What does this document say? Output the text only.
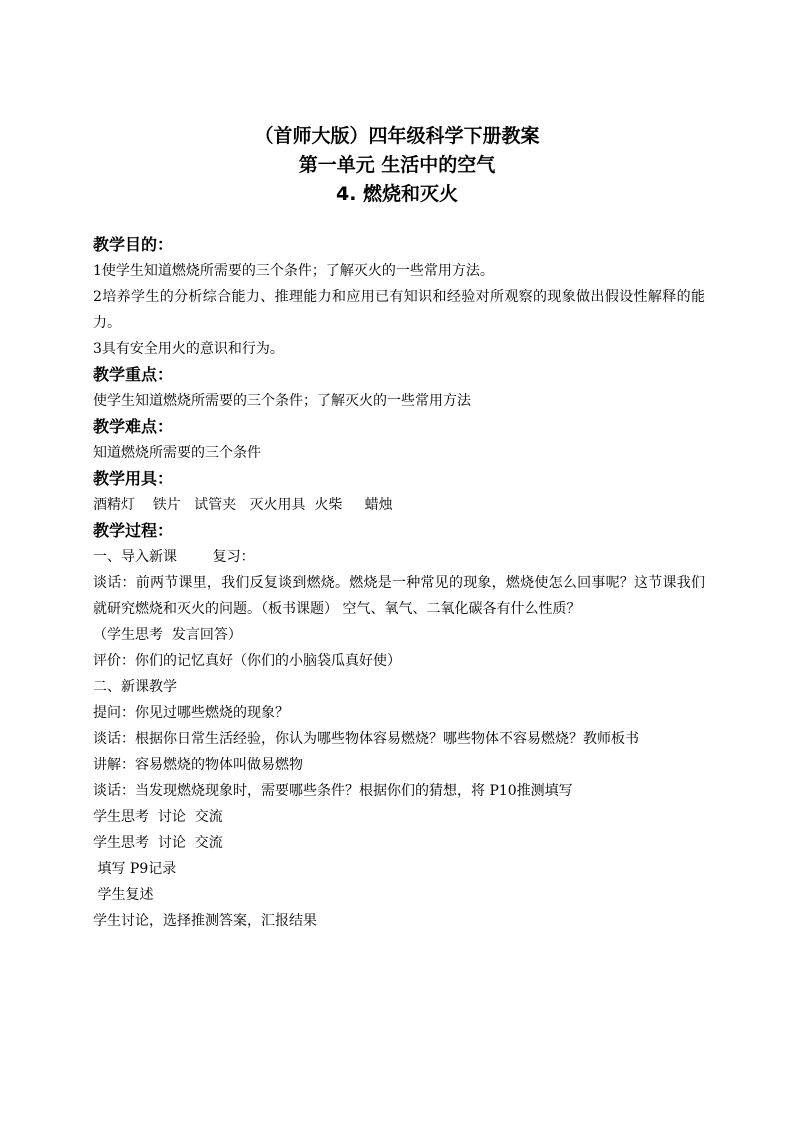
（首师大版）四年级科学下册教案
第一单元 生活中的空气
4. 燃烧和灭火
教学目的：
1使学生知道燃烧所需要的三个条件；了解灭火的一些常用方法。
2培养学生的分析综合能力、推理能力和应用已有知识和经验对所观察的现象做出假设性解释的能力。
3具有安全用火的意识和行为。
教学重点：
使学生知道燃烧所需要的三个条件；了解灭火的一些常用方法
教学难点：
知道燃烧所需要的三个条件
教学用具：
酒精灯    铁片   试管夹   灭火用具  火柴     蜡烛
教学过程：
一、导入新课        复习：
谈话：前两节课里，我们反复谈到燃烧。燃烧是一种常见的现象，燃烧使怎么回事呢？这节课我们就研究燃烧和灭火的问题。（板书课题） 空气、氧气、二氧化碳各有什么性质？
（学生思考  发言回答）
评价：你们的记忆真好（你们的小脑袋瓜真好使）
二、新课教学
提问：你见过哪些燃烧的现象？
谈话：根据你日常生活经验，你认为哪些物体容易燃烧？哪些物体不容易燃烧？教师板书
讲解：容易燃烧的物体叫做易燃物
谈话：当发现燃烧现象时，需要哪些条件？根据你们的猜想，将 P10推测填写
学生思考  讨论  交流
学生思考  讨论  交流
填写 P9记录
学生复述
学生讨论，选择推测答案，汇报结果
